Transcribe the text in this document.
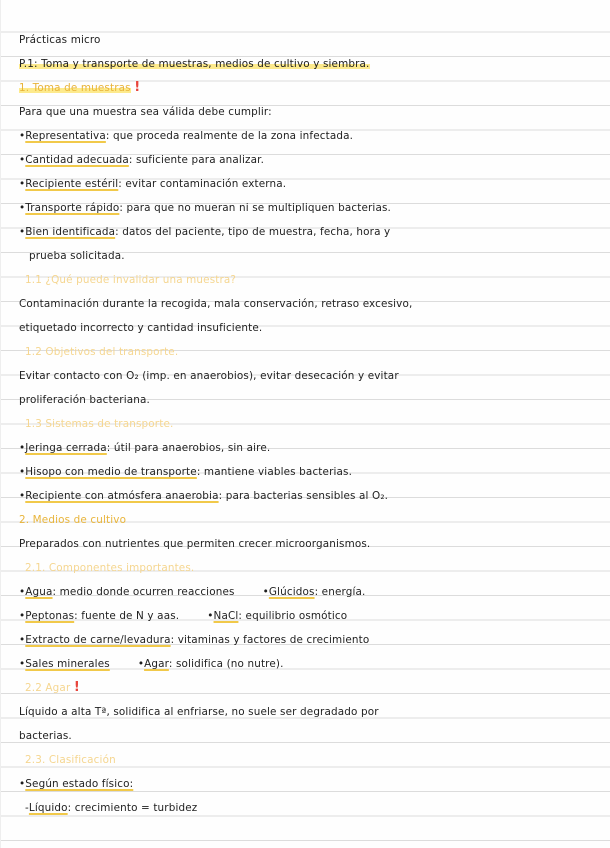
Prácticas micro
P.1: Toma y transporte de muestras, medios de cultivo y siembra.
1. Toma de muestras !
Para que una muestra sea válida debe cumplir:
•Representativa: que proceda realmente de la zona infectada.
•Cantidad adecuada: suficiente para analizar.
•Recipiente estéril: evitar contaminación externa.
•Transporte rápido: para que no mueran ni se multipliquen bacterias.
•Bien identificada: datos del paciente, tipo de muestra, fecha, hora y
prueba solicitada.
1.1 ¿Qué puede invalidar una muestra?
Contaminación durante la recogida, mala conservación, retraso excesivo,
etiquetado incorrecto y cantidad insuficiente.
1.2 Objetivos del transporte.
Evitar contacto con O₂ (imp. en anaerobios), evitar desecación y evitar
proliferación bacteriana.
1.3 Sistemas de transporte.
•Jeringa cerrada: útil para anaerobios, sin aire.
•Hisopo con medio de transporte: mantiene viables bacterias.
•Recipiente con atmósfera anaerobia: para bacterias sensibles al O₂.
2. Medios de cultivo
Preparados con nutrientes que permiten crecer microorganismos.
2.1. Componentes importantes.
•Agua: medio donde ocurren reacciones	•Glúcidos: energía.
•Peptonas: fuente de N y aas.	•NaCl: equilibrio osmótico
•Extracto de carne/levadura: vitaminas y factores de crecimiento
•Sales minerales	•Agar: solidifica (no nutre).
2.2 Agar !
Líquido a alta Tª, solidifica al enfriarse, no suele ser degradado por
bacterias.
2.3. Clasificación
•Según estado físico:
-Líquido: crecimiento = turbidez
